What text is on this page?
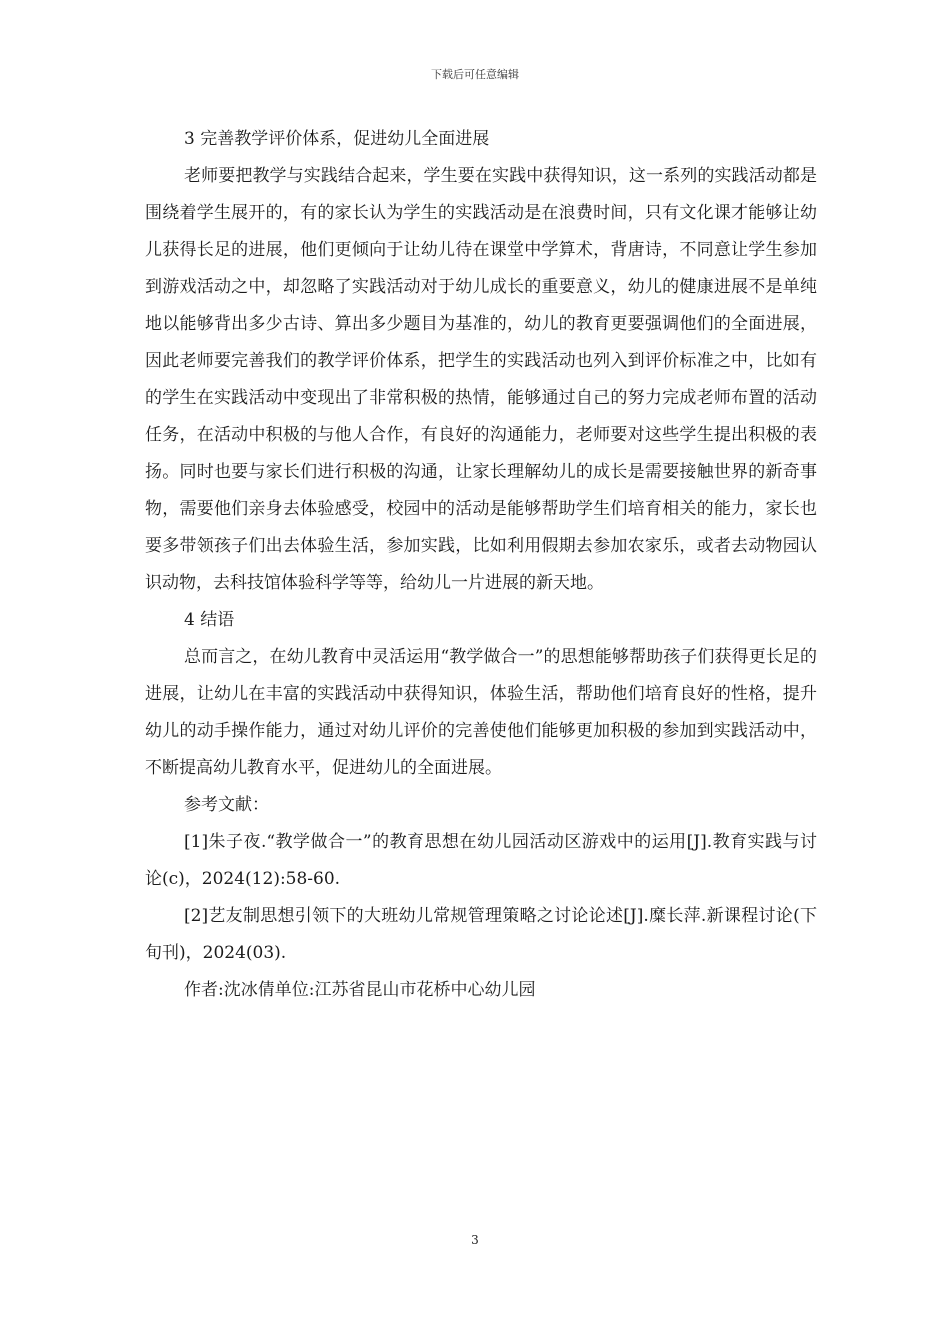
下载后可任意编辑

3 完善教学评价体系，促进幼儿全面进展

老师要把教学与实践结合起来，学生要在实践中获得知识，这一系列的实践活动都是围绕着学生展开的，有的家长认为学生的实践活动是在浪费时间，只有文化课才能够让幼儿获得长足的进展，他们更倾向于让幼儿待在课堂中学算术，背唐诗，不同意让学生参加到游戏活动之中，却忽略了实践活动对于幼儿成长的重要意义，幼儿的健康进展不是单纯地以能够背出多少古诗、算出多少题目为基准的，幼儿的教育更要强调他们的全面进展，因此老师要完善我们的教学评价体系，把学生的实践活动也列入到评价标准之中，比如有的学生在实践活动中变现出了非常积极的热情，能够通过自己的努力完成老师布置的活动任务，在活动中积极的与他人合作，有良好的沟通能力，老师要对这些学生提出积极的表扬。同时也要与家长们进行积极的沟通，让家长理解幼儿的成长是需要接触世界的新奇事物，需要他们亲身去体验感受，校园中的活动是能够帮助学生们培育相关的能力，家长也要多带领孩子们出去体验生活，参加实践，比如利用假期去参加农家乐，或者去动物园认识动物，去科技馆体验科学等等，给幼儿一片进展的新天地。

4 结语

总而言之，在幼儿教育中灵活运用“教学做合一”的思想能够帮助孩子们获得更长足的进展，让幼儿在丰富的实践活动中获得知识，体验生活，帮助他们培育良好的性格，提升幼儿的动手操作能力，通过对幼儿评价的完善使他们能够更加积极的参加到实践活动中，不断提高幼儿教育水平，促进幼儿的全面进展。

参考文献：

[1]朱子夜.“教学做合一”的教育思想在幼儿园活动区游戏中的运用[J].教育实践与讨论(c)，2024(12):58-60.

[2]艺友制思想引领下的大班幼儿常规管理策略之讨论论述[J].糜长萍.新课程讨论(下旬刊)，2024(03).

作者:沈冰倩单位:江苏省昆山市花桥中心幼儿园

3
